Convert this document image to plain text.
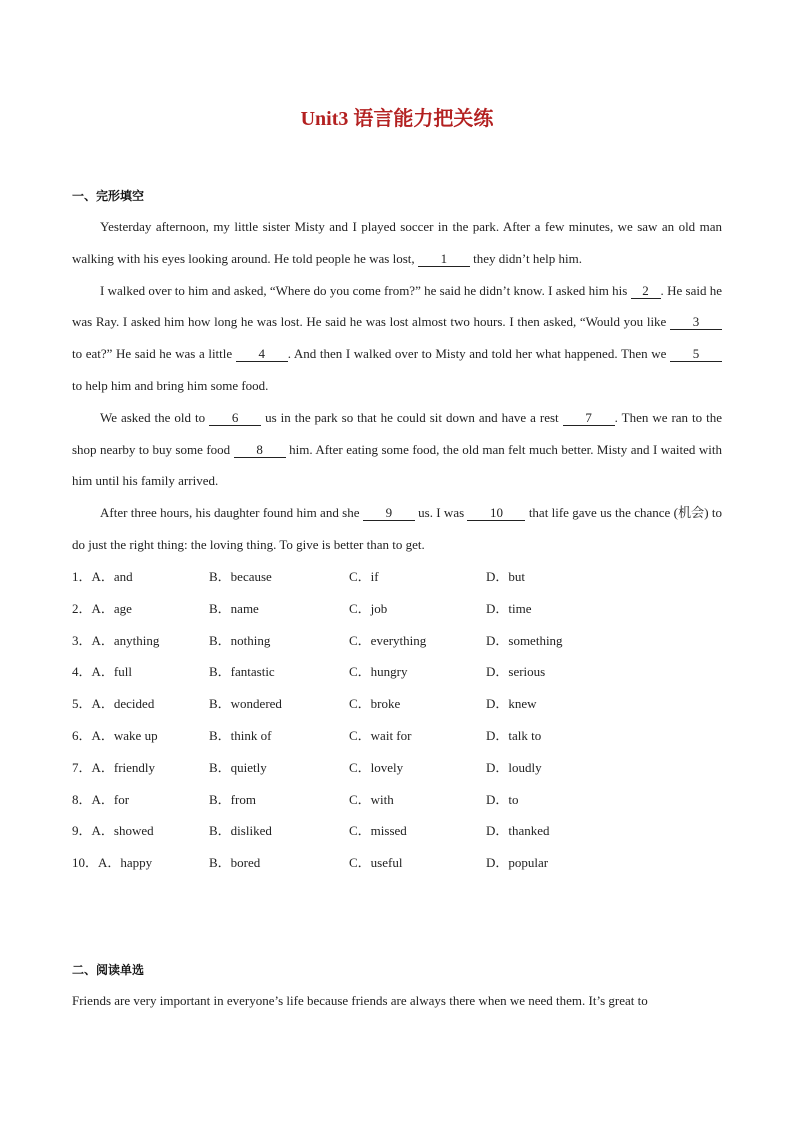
Unit3 语言能力把关练
一、完形填空

Yesterday afternoon, my little sister Misty and I played soccer in the park. After a few minutes, we saw an old man walking with his eyes looking around. He told people he was lost, 1 they didn’t help him.

I walked over to him and asked, “Where do you come from?” he said he didn’t know. I asked him his 2 . He said he was Ray. I asked him how long he was lost. He said he was lost almost two hours. I then asked, “Would you like 3 to eat?” He said he was a little 4 . And then I walked over to Misty and told her what happened. Then we 5 to help him and bring him some food.

We asked the old to 6 us in the park so that he could sit down and have a rest 7 . Then we ran to the shop nearby to buy some food 8 him. After eating some food, the old man felt much better. Misty and I waited with him until his family arrived.

After three hours, his daughter found him and she 9 us. I was 10 that life gave us the chance (机会) to do just the right thing: the loving thing. To give is better than to get.

1．A．and	B．because	C．if	D．but
2．A．age	B．name	C．job	D．time
3．A．anything	B．nothing	C．everything	D．something
4．A．full	B．fantastic	C．hungry	D．serious
5．A．decided	B．wondered	C．broke	D．knew
6．A．wake up	B．think of	C．wait for	D．talk to
7．A．friendly	B．quietly	C．lovely	D．loudly
8．A．for	B．from	C．with	D．to
9．A．showed	B．disliked	C．missed	D．thanked
10．A．happy	B．bored	C．useful	D．popular
二、阅读单选
Friends are very important in everyone’s life because friends are always there when we need them. It’s great to
